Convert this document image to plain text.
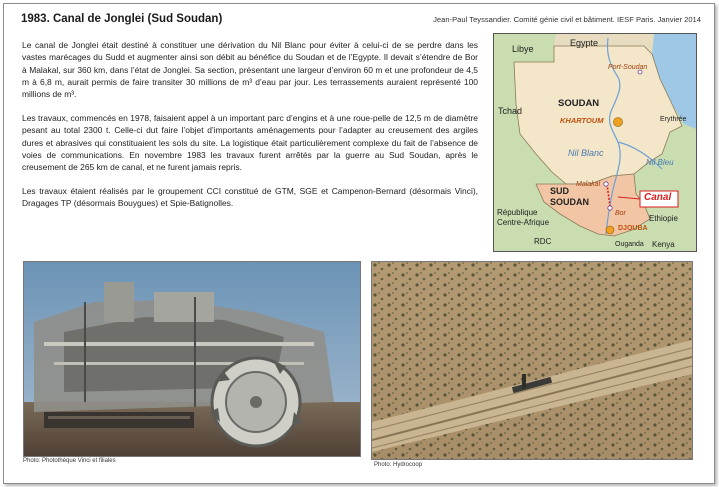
1983. Canal de Jonglei (Sud Soudan)	Jean-Paul Teyssandier. Comité génie civil et bâtiment. IESF Paris. Janvier 2014

Le canal de Jonglei était destiné à constituer une dérivation du Nil Blanc pour éviter à celui-ci de se perdre dans les vastes marécages du Sudd et augmenter ainsi son débit au bénéfice du Soudan et de l’Egypte. Il devait s’étendre de Bor à Malakal, sur 360 km, dans l’état de Jonglei. Sa section, présentant une largeur d’environ 60 m et une profondeur de 4,5 m à 6,8 m, aurait permis de faire transiter 30 millions de m³ d’eau par jour. Les terrassements auraient représenté 100 millions de m³.

Les travaux, commencés en 1978, faisaient appel à un important parc d’engins et à une roue-pelle de 12,5 m de diamètre pesant au total 2300 t. Celle-ci dut faire l’objet d’importants aménagements pour l’adapter au creusement des argiles dures et abrasives qui constituaient les sols du site. La logistique était particulièrement complexe du fait de l’absence de voies de communications. En novembre 1983 les travaux furent arrêtés par la guerre au Sud Soudan, après le creusement de 265 km de canal, et ne furent jamais repris.

Les travaux étaient réalisés par le groupement CCI constitué de GTM, SGE et Campenon-Bernard (désormais Vinci), Dragages TP (désormais Bouygues) et Spie-Batignolles.

Libye
Egypte
Port-Soudan
Tchad
SOUDAN
KHARTOUM	Erythrée
Nil Blanc
Nil Bleu
Malakal
SUD SOUDAN	Canal
République Centre-Afrique
Bor
Ethiopie
DJOUBA
RDC	Ouganda Kenya
Photo: Photothèque Vinci et filiales
Photo: Hydrocoop
